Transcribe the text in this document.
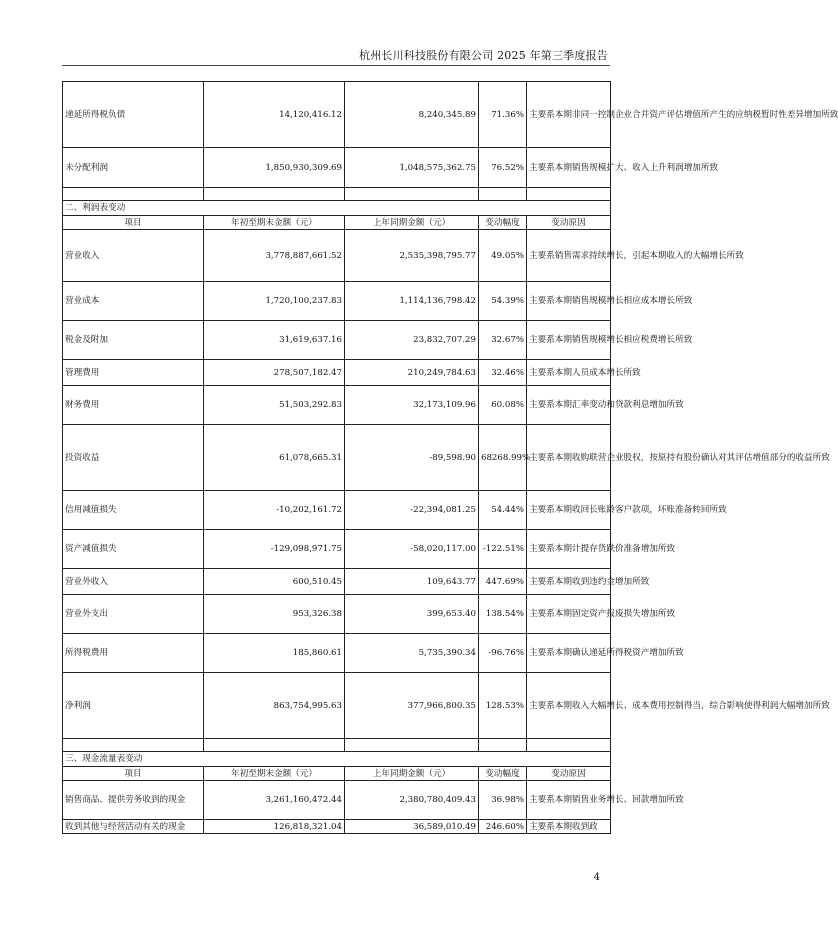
杭州长川科技股份有限公司 2025 年第三季度报告
递延所得税负债	14,120,416.12	8,240,345.89	71.36%	主要系本期非同一控制企业合并资产评估增值所产生的应纳税暂时性差异增加所致
未分配利润	1,850,930,309.69	1,048,575,362.75	76.52%	主要系本期销售规模扩大、收入上升利润增加所致

二、利润表变动				
项目	年初至期末金额（元）	上年同期金额（元）	变动幅度	变动原因
营业收入	3,778,887,661.52	2,535,398,795.77	49.05%	主要系销售需求持续增长，引起本期收入的大幅增长所致
营业成本	1,720,100,237.83	1,114,136,798.42	54.39%	主要系本期销售规模增长相应成本增长所致
税金及附加	31,619,637.16	23,832,707.29	32.67%	主要系本期销售规模增长相应税费增长所致
管理费用	278,507,182.47	210,249,784.63	32.46%	主要系本期人员成本增长所致
财务费用	51,503,292.83	32,173,109.96	60.08%	主要系本期汇率变动和贷款利息增加所致
投资收益	61,078,665.31	-89,598.90	68268.99%	主要系本期收购联营企业股权，按原持有股份确认对其评估增值部分的收益所致
信用减值损失	-10,202,161.72	-22,394,081.25	54.44%	主要系本期收回长账龄客户款项，坏账准备转回所致
资产减值损失	-129,098,971.75	-58,020,117.00	-122.51%	主要系本期计提存货跌价准备增加所致
营业外收入	600,510.45	109,643.77	447.69%	主要系本期收到违约金增加所致
营业外支出	953,326.38	399,653.40	138.54%	主要系本期固定资产报废损失增加所致
所得税费用	185,860.61	5,735,390.34	-96.76%	主要系本期确认递延所得税资产增加所致
净利润	863,754,995.63	377,966,800.35	128.53%	主要系本期收入大幅增长、成本费用控制得当，综合影响使得利润大幅增加所致

三、现金流量表变动				
项目	年初至期末金额（元）	上年同期金额（元）	变动幅度	变动原因
销售商品、提供劳务收到的现金	3,261,160,472.44	2,380,780,409.43	36.98%	主要系本期销售业务增长、回款增加所致
收到其他与经营活动有关的现金	126,818,321.04	36,589,010.49	246.60%	主要系本期收到政
4
